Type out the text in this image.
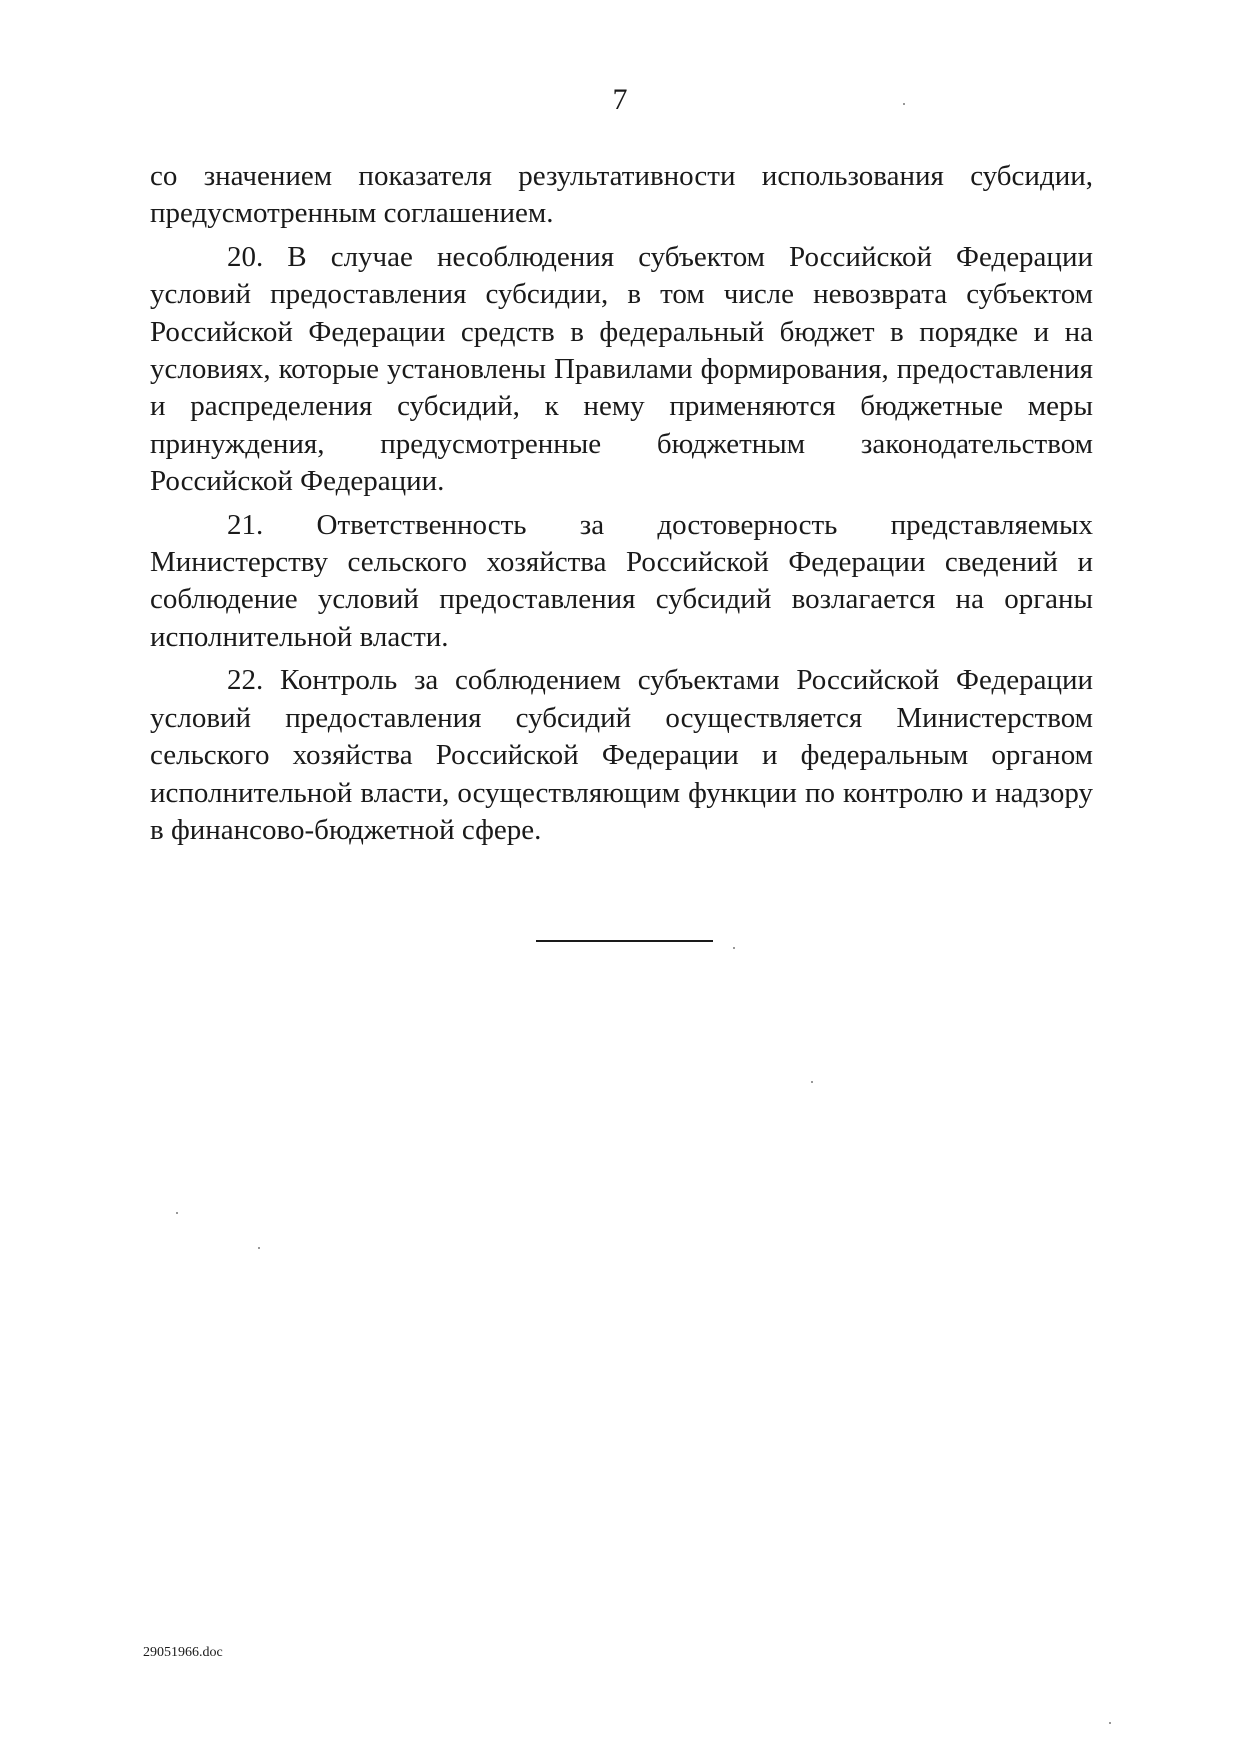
7

со значением показателя результативности использования субсидии, предусмотренным соглашением.

20. В случае несоблюдения субъектом Российской Федерации условий предоставления субсидии, в том числе невозврата субъектом Российской Федерации средств в федеральный бюджет в порядке и на условиях, которые установлены Правилами формирования, предоставления и распределения субсидий, к нему применяются бюджетные меры принуждения, предусмотренные бюджетным законодательством Российской Федерации.

21. Ответственность за достоверность представляемых Министерству сельского хозяйства Российской Федерации сведений и соблюдение условий предоставления субсидий возлагается на органы исполнительной власти.

22. Контроль за соблюдением субъектами Российской Федерации условий предоставления субсидий осуществляется Министерством сельского хозяйства Российской Федерации и федеральным органом исполнительной власти, осуществляющим функции по контролю и надзору в финансово-бюджетной сфере.

29051966.doc
